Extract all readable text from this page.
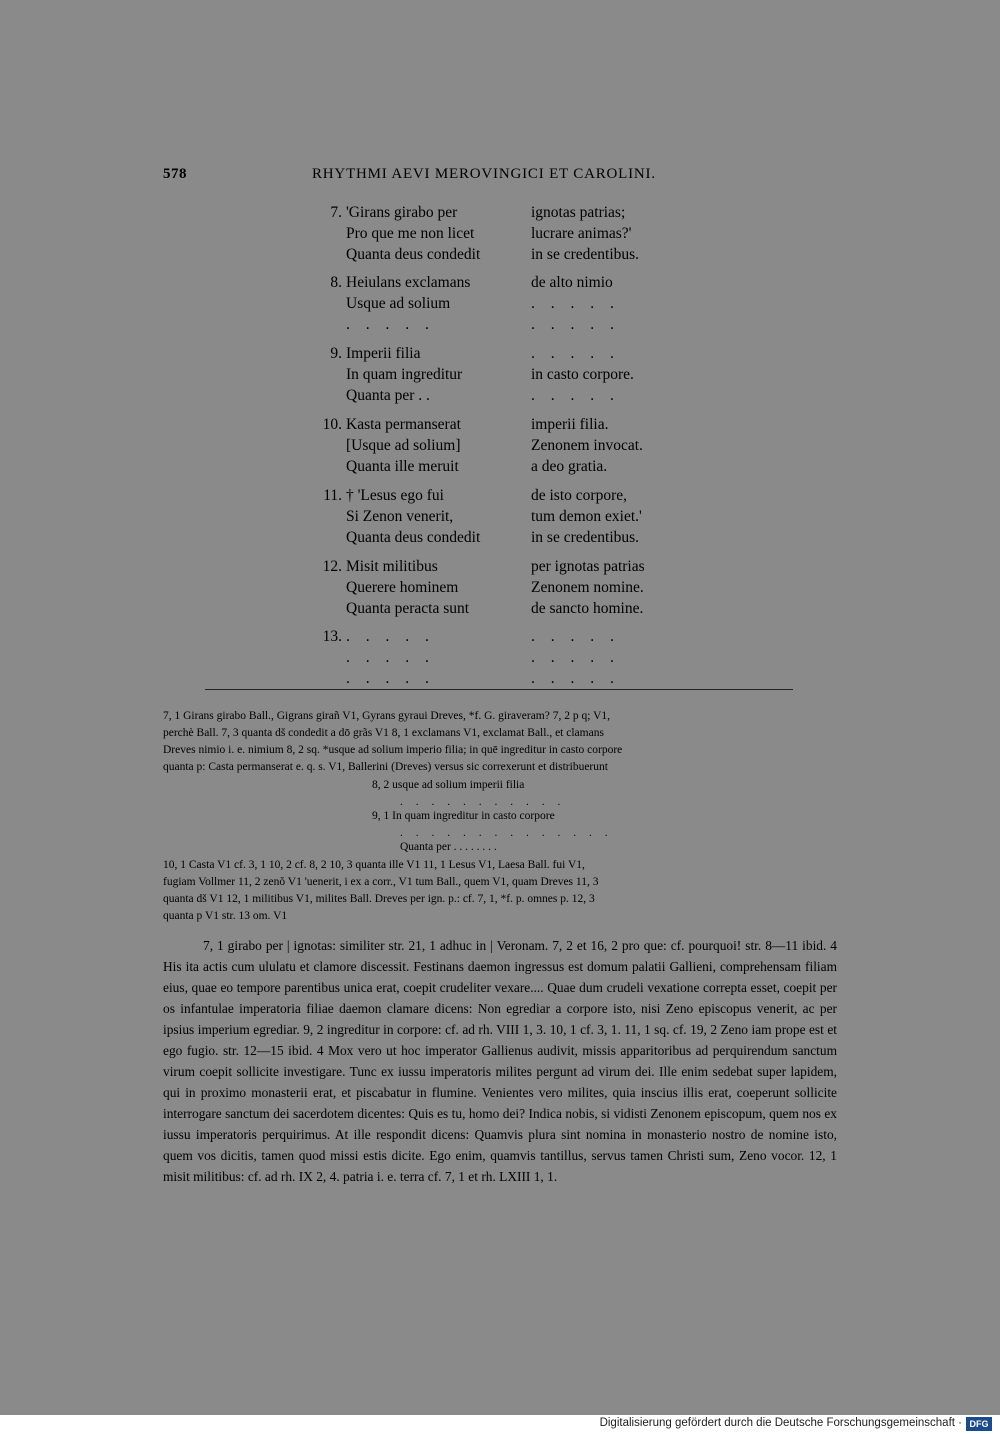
578	RHYTHMI AEVI MEROVINGICI ET CAROLINI.
7. 'Girans girabo per	ignotas patrias;
Pro que me non licet	lucrare animas?'
Quanta deus condedit	in se credentibus.
8. Heiulans exclamans	de alto nimio
Usque ad solium	. . . . .
. . . . .	. . . . .
9. Imperii filia	. . . . .
In quam ingreditur	in casto corpore.
Quanta per . .	. . . . .
10. Kasta permanserat	imperii filia.
[Usque ad solium]	Zenonem invocat.
Quanta ille meruit	a deo gratia.
11. † 'Lesus ego fui	de isto corpore,
Si Zenon venerit,	tum demon exiet.'
Quanta deus condedit	in se credentibus.
12. Misit militibus	per ignotas patrias
Querere hominem	Zenonem nomine.
Quanta peracta sunt	de sancto homine.
13. . . . . .	. . . . .
. . . . .	. . . . .
. . . . .	. . . . .
7, 1 Girans girabo Ball., Gigrans girañ V1, Gyrans gyraui Dreves, *f. G. giraveram? 7, 2 p q; V1,
perchè Ball. 7, 3 quanta dš condedit a dō grãs V1 8, 1 exclamans V1, exclamat Ball., et clamans
Dreves nimio i. e. nimium 8, 2 sq. *usque ad solium imperio filia; in quē ingreditur in casto corpore
quanta p: Casta permanserat e. q. s. V1, Ballerini (Dreves) versus sic correxerunt et distribuerunt
8, 2 usque ad solium imperii filia
. . . . . . . . . . .
9, 1 In quam ingreditur in casto corpore
. . . . . . . . . . . . . .
Quanta per . . . . . . . .
10, 1 Casta V1 cf. 3, 1 10, 2 cf. 8, 2 10, 3 quanta ille V1 11, 1 Lesus V1, Laesa Ball. fui V1,
fugiam Vollmer 11, 2 zenŏ V1 'uenerit, i ex a corr., V1 tum Ball., quem V1, quam Dreves 11, 3
quanta dš V1 12, 1 militibus V1, milites Ball. Dreves per ign. p.: cf. 7, 1, *f. p. omnes p. 12, 3
quanta p V1 str. 13 om. V1

7, 1 girabo per | ignotas: similiter str. 21, 1 adhuc in | Veronam. 7, 2 et 16, 2 pro que: cf. pourquoi! str. 8—11 ibid. 4 His ita actis cum ululatu et clamore discessit. Festinans daemon ingressus est domum palatii Gallieni, comprehensam filiam eius, quae eo tempore parentibus unica erat, coepit crudeliter vexare.... Quae dum crudeli vexatione correpta esset, coepit per os infantulae imperatoria filiae daemon clamare dicens: Non egrediar a corpore isto, nisi Zeno episcopus venerit, ac per ipsius imperium egrediar. 9, 2 ingreditur in corpore: cf. ad rh. VIII 1, 3. 10, 1 cf. 3, 1. 11, 1 sq. cf. 19, 2 Zeno iam prope est et ego fugio. str. 12—15 ibid. 4 Mox vero ut hoc imperator Gallienus audivit, missis apparitoribus ad perquirendum sanctum virum coepit sollicite investigare. Tunc ex iussu imperatoris milites pergunt ad virum dei. Ille enim sedebat super lapidem, qui in proximo monasterii erat, et piscabatur in flumine. Venientes vero milites, quia inscius illis erat, coeperunt sollicite interrogare sanctum dei sacerdotem dicentes: Quis es tu, homo dei? Indica nobis, si vidisti Zenonem episcopum, quem nos ex iussu imperatoris perquirimus. At ille respondit dicens: Quamvis plura sint nomina in monasterio nostro de nomine isto, quem vos dicitis, tamen quod missi estis dicite. Ego enim, quamvis tantillus, servus tamen Christi sum, Zeno vocor. 12, 1 misit militibus: cf. ad rh. IX 2, 4. patria i. e. terra cf. 7, 1 et rh. LXIII 1, 1.

Digitalisierung gefördert durch die Deutsche Forschungsgemeinschaft · DFG
